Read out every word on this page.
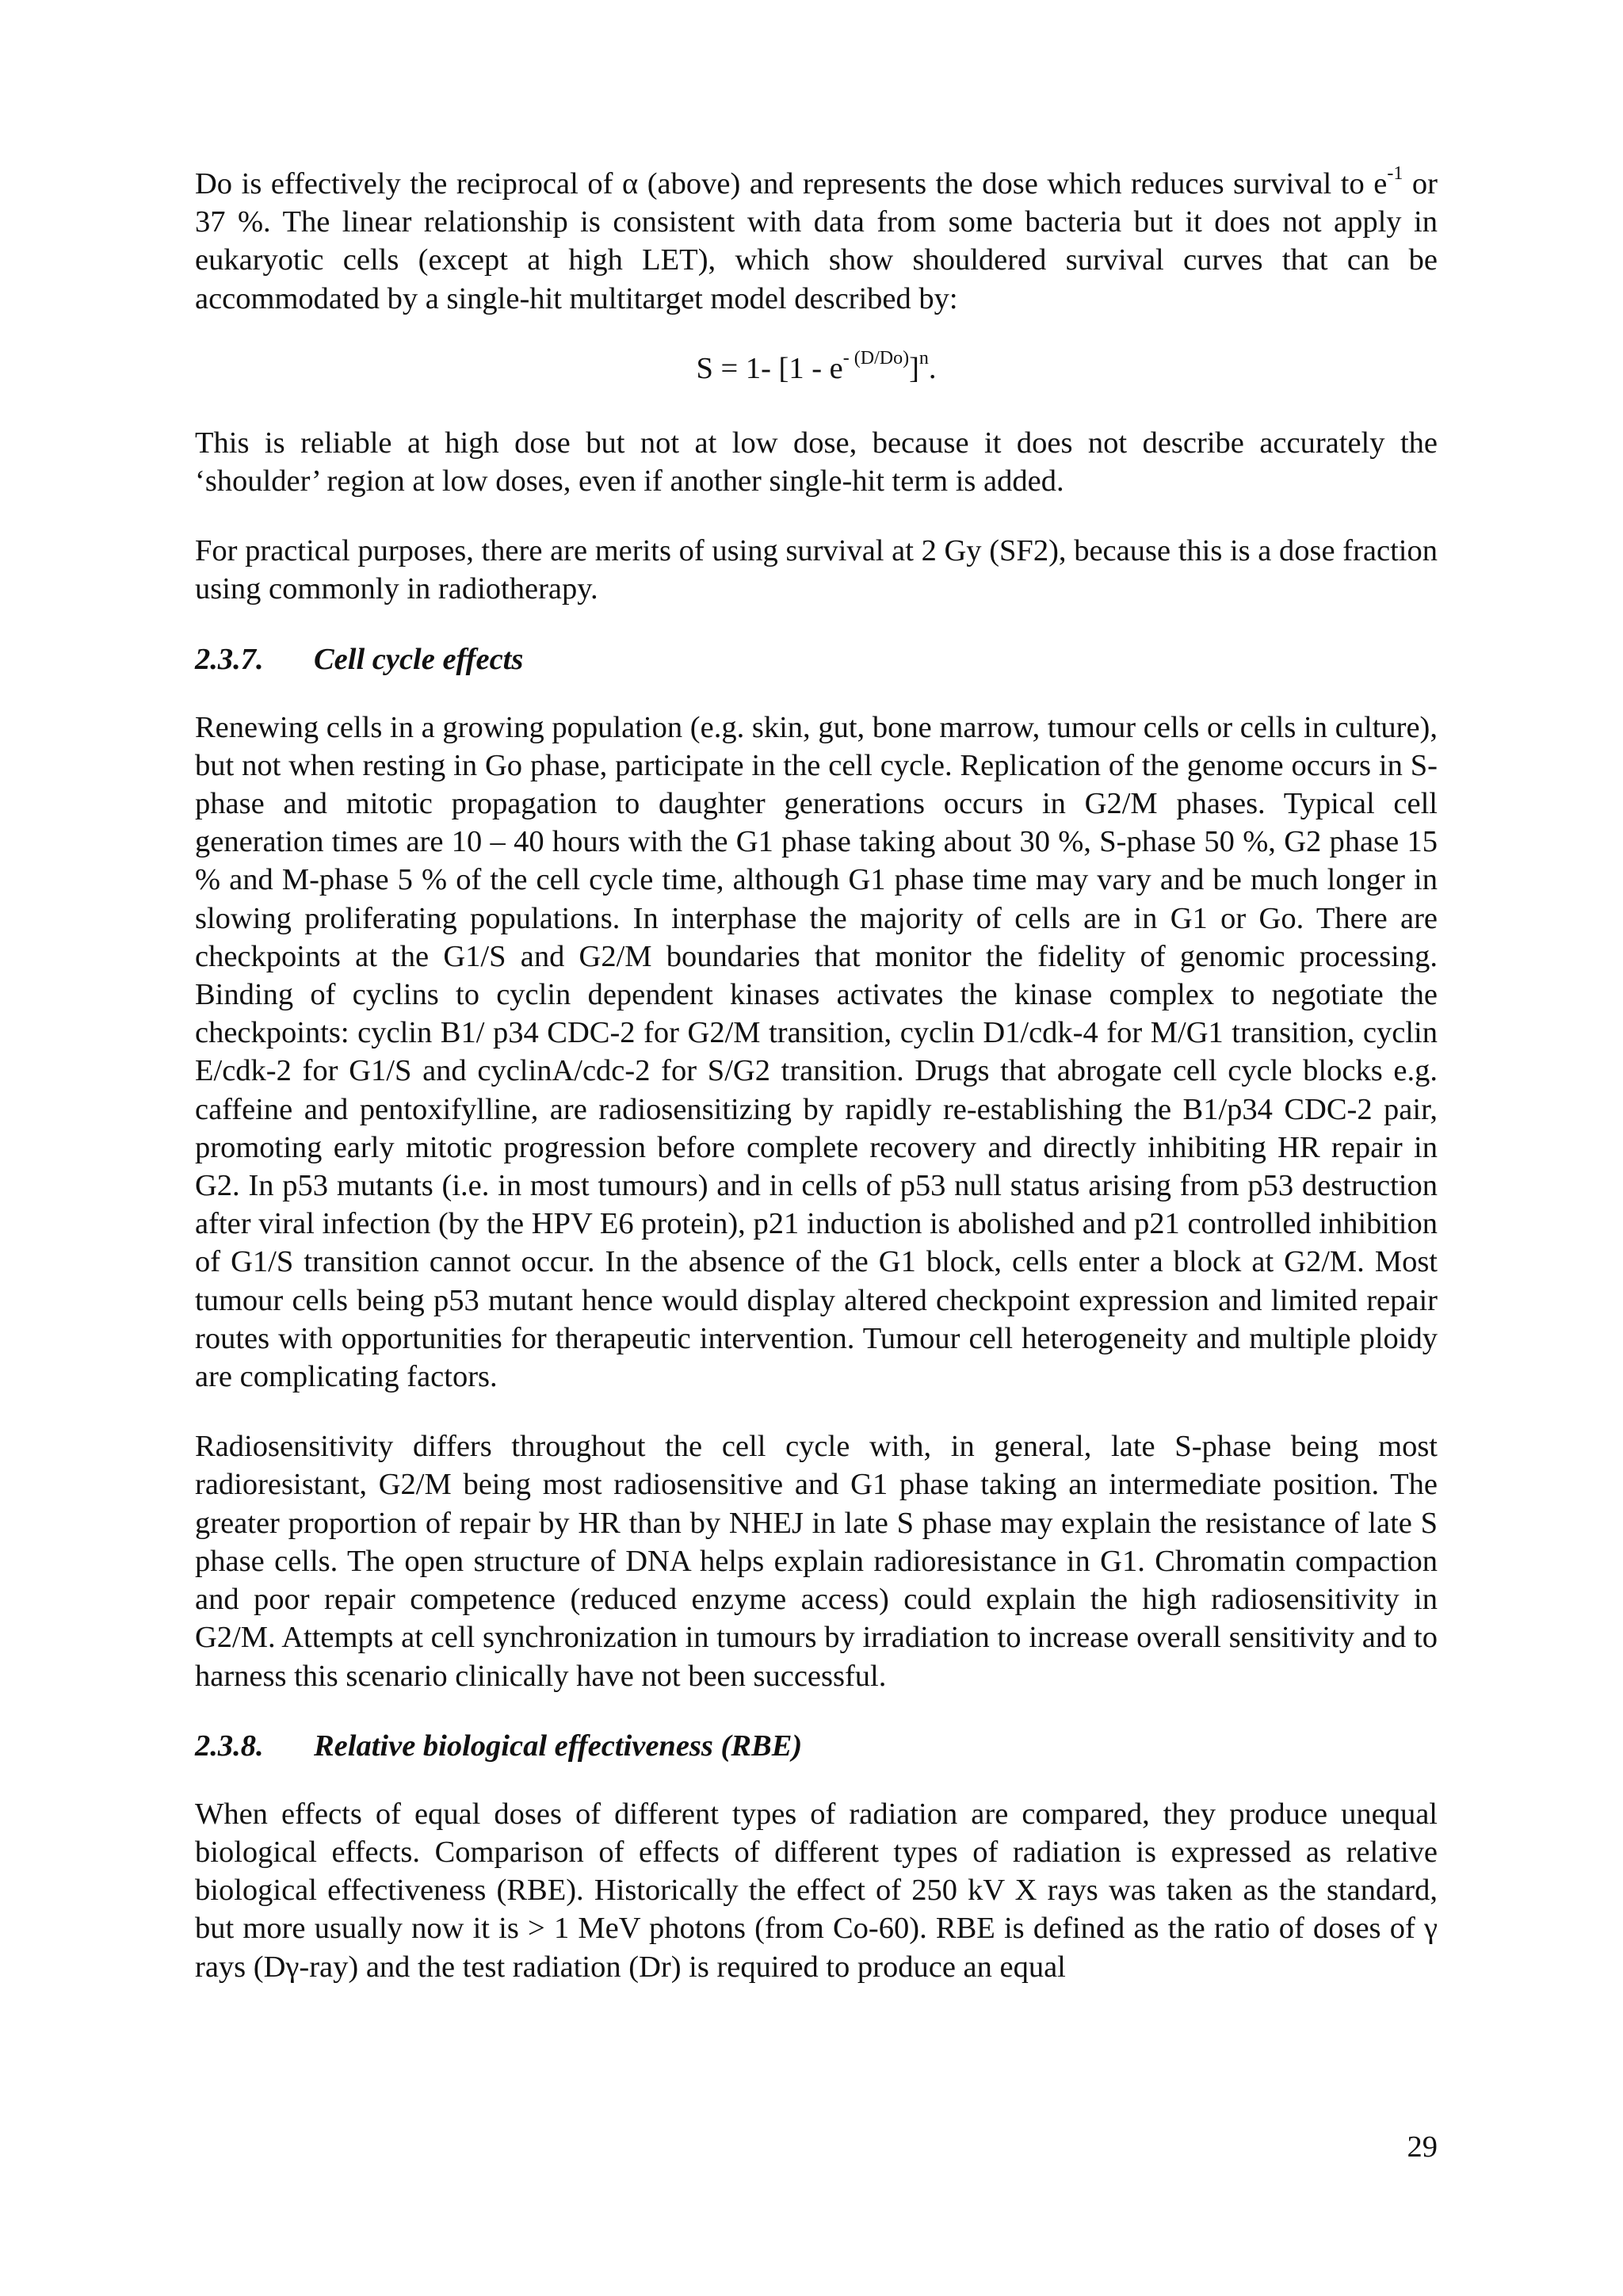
Do is effectively the reciprocal of α (above) and represents the dose which reduces survival to $e^{-1}$ or 37 %. The linear relationship is consistent with data from some bacteria but it does not apply in eukaryotic cells (except at high LET), which show shouldered survival curves that can be accommodated by a single-hit multitarget model described by:

S = 1- $[1 - e^{- (D/Do)}]^n$.

This is reliable at high dose but not at low dose, because it does not describe accurately the ‘shoulder’ region at low doses, even if another single-hit term is added.

For practical purposes, there are merits of using survival at 2 Gy (SF2), because this is a dose fraction using commonly in radiotherapy.

2.3.7. Cell cycle effects

Renewing cells in a growing population (e.g. skin, gut, bone marrow, tumour cells or cells in culture), but not when resting in Go phase, participate in the cell cycle. Replication of the genome occurs in S-phase and mitotic propagation to daughter generations occurs in G2/M phases. Typical cell generation times are 10 – 40 hours with the G1 phase taking about 30 %, S-phase 50 %, G2 phase 15 % and M-phase 5 % of the cell cycle time, although G1 phase time may vary and be much longer in slowing proliferating populations. In interphase the majority of cells are in G1 or Go. There are checkpoints at the G1/S and G2/M boundaries that monitor the fidelity of genomic processing. Binding of cyclins to cyclin dependent kinases activates the kinase complex to negotiate the checkpoints: cyclin B1/ p34 CDC-2 for G2/M transition, cyclin D1/cdk-4 for M/G1 transition, cyclin E/cdk-2 for G1/S and cyclinA/cdc-2 for S/G2 transition. Drugs that abrogate cell cycle blocks e.g. caffeine and pentoxifylline, are radiosensitizing by rapidly re-establishing the B1/p34 CDC-2 pair, promoting early mitotic progression before complete recovery and directly inhibiting HR repair in G2. In p53 mutants (i.e. in most tumours) and in cells of p53 null status arising from p53 destruction after viral infection (by the HPV E6 protein), p21 induction is abolished and p21 controlled inhibition of G1/S transition cannot occur. In the absence of the G1 block, cells enter a block at G2/M. Most tumour cells being p53 mutant hence would display altered checkpoint expression and limited repair routes with opportunities for therapeutic intervention. Tumour cell heterogeneity and multiple ploidy are complicating factors.

Radiosensitivity differs throughout the cell cycle with, in general, late S-phase being most radioresistant, G2/M being most radiosensitive and G1 phase taking an intermediate position. The greater proportion of repair by HR than by NHEJ in late S phase may explain the resistance of late S phase cells. The open structure of DNA helps explain radioresistance in G1. Chromatin compaction and poor repair competence (reduced enzyme access) could explain the high radiosensitivity in G2/M. Attempts at cell synchronization in tumours by irradiation to increase overall sensitivity and to harness this scenario clinically have not been successful.

2.3.8. Relative biological effectiveness (RBE)

When effects of equal doses of different types of radiation are compared, they produce unequal biological effects. Comparison of effects of different types of radiation is expressed as relative biological effectiveness (RBE). Historically the effect of 250 kV X rays was taken as the standard, but more usually now it is > 1 MeV photons (from Co-60). RBE is defined as the ratio of doses of γ rays (Dγ-ray) and the test radiation (Dr) is required to produce an equal

29
